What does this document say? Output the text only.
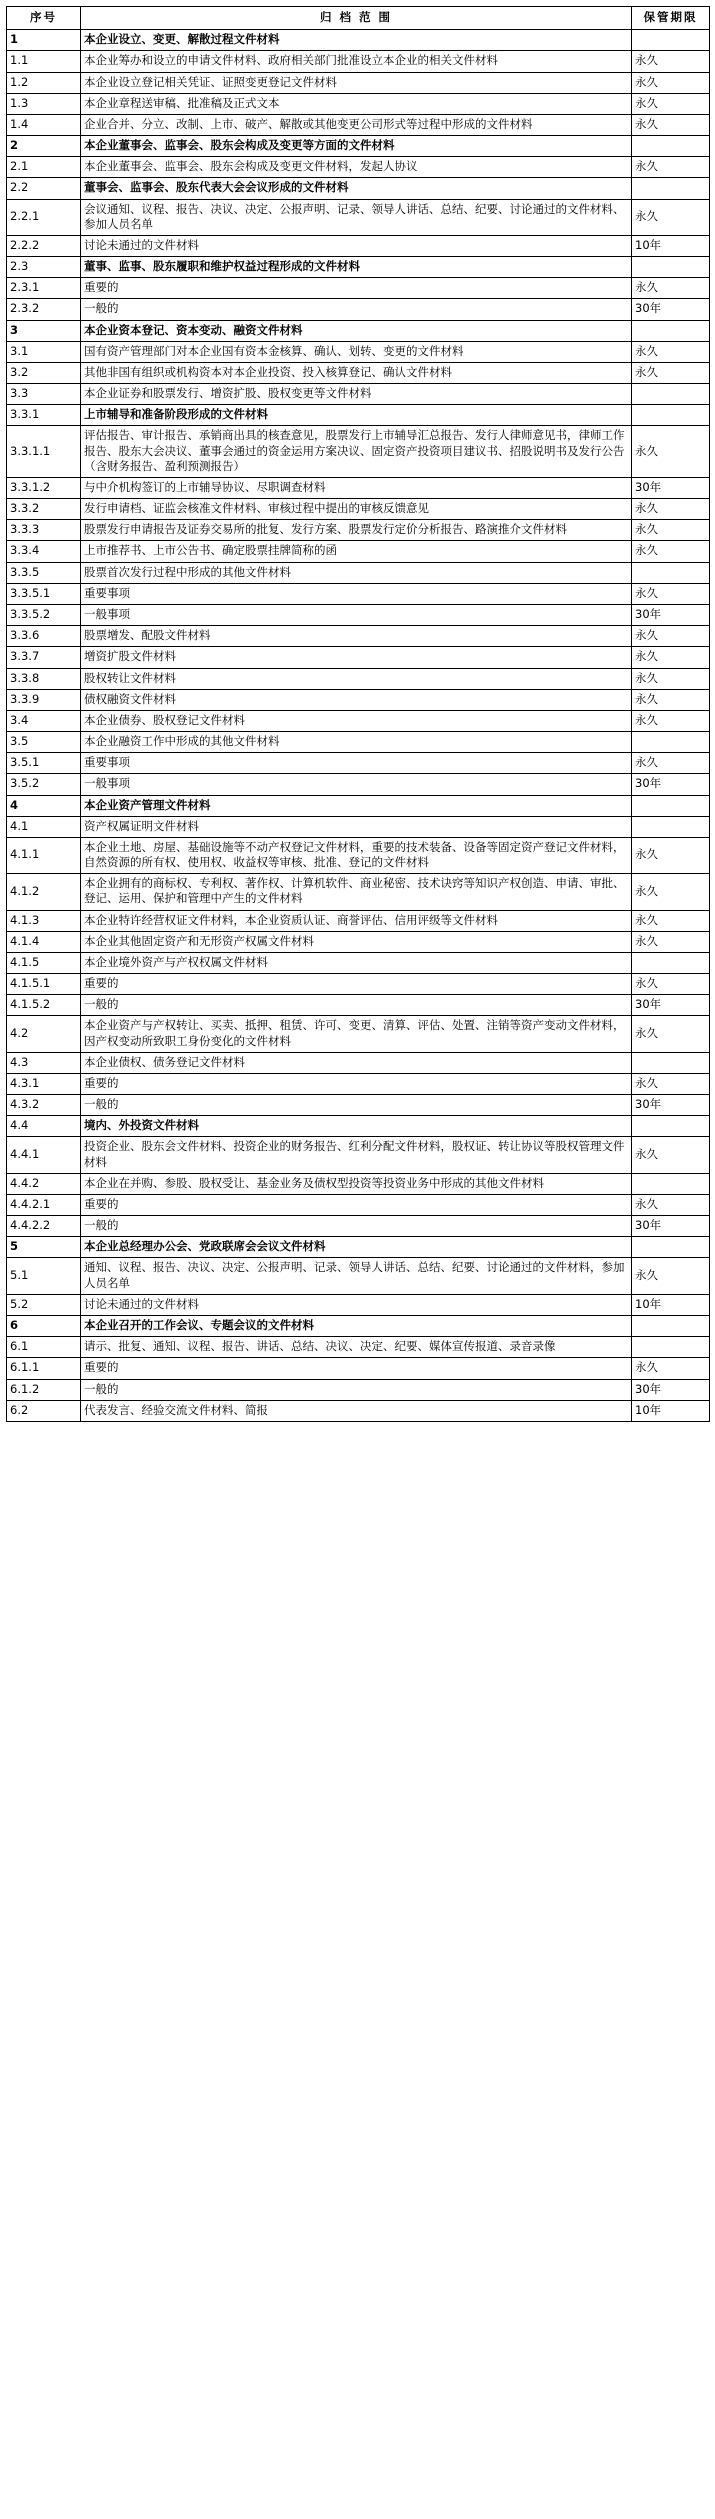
序号	归 档 范 围	保管期限
1	本企业设立、变更、解散过程文件材料	
1.1	本企业筹办和设立的申请文件材料、政府相关部门批准设立本企业的相关文件材料	永久
1.2	本企业设立登记相关凭证、证照变更登记文件材料	永久
1.3	本企业章程送审稿、批准稿及正式文本	永久
1.4	企业合并、分立、改制、上市、破产、解散或其他变更公司形式等过程中形成的文件材料	永久
2	本企业董事会、监事会、股东会构成及变更等方面的文件材料	
2.1	本企业董事会、监事会、股东会构成及变更文件材料，发起人协议	永久
2.2	董事会、监事会、股东代表大会会议形成的文件材料	
2.2.1	会议通知、议程、报告、决议、决定、公报声明、记录、领导人讲话、总结、纪要、讨论通过的文件材料、参加人员名单	永久
2.2.2	讨论未通过的文件材料	10年
2.3	董事、监事、股东履职和维护权益过程形成的文件材料	
2.3.1	重要的	永久
2.3.2	一般的	30年
3	本企业资本登记、资本变动、融资文件材料	
3.1	国有资产管理部门对本企业国有资本金核算、确认、划转、变更的文件材料	永久
3.2	其他非国有组织或机构资本对本企业投资、投入核算登记、确认文件材料	永久
3.3	本企业证券和股票发行、增资扩股、股权变更等文件材料	
3.3.1	上市辅导和准备阶段形成的文件材料	
3.3.1.1	评估报告、审计报告、承销商出具的核查意见，股票发行上市辅导汇总报告、发行人律师意见书，律师工作报告、股东大会决议、董事会通过的资金运用方案决议、固定资产投资项目建议书、招股说明书及发行公告（含财务报告、盈利预测报告）	永久
3.3.1.2	与中介机构签订的上市辅导协议、尽职调查材料	30年
3.3.2	发行申请档、证监会核准文件材料、审核过程中提出的审核反馈意见	永久
3.3.3	股票发行申请报告及证券交易所的批复、发行方案、股票发行定价分析报告、路演推介文件材料	永久
3.3.4	上市推荐书、上市公告书、确定股票挂牌简称的函	永久
3.3.5	股票首次发行过程中形成的其他文件材料	
3.3.5.1	重要事项	永久
3.3.5.2	一般事项	30年
3.3.6	股票增发、配股文件材料	永久
3.3.7	增资扩股文件材料	永久
3.3.8	股权转让文件材料	永久
3.3.9	债权融资文件材料	永久
3.4	本企业债券、股权登记文件材料	永久
3.5	本企业融资工作中形成的其他文件材料	
3.5.1	重要事项	永久
3.5.2	一般事项	30年
4	本企业资产管理文件材料	
4.1	资产权属证明文件材料	
4.1.1	本企业土地、房屋、基础设施等不动产权登记文件材料，重要的技术装备、设备等固定资产登记文件材料，自然资源的所有权、使用权、收益权等审核、批准、登记的文件材料	永久
4.1.2	本企业拥有的商标权、专利权、著作权、计算机软件、商业秘密、技术诀窍等知识产权创造、申请、审批、登记、运用、保护和管理中产生的文件材料	永久
4.1.3	本企业特许经营权证文件材料，本企业资质认证、商誉评估、信用评级等文件材料	永久
4.1.4	本企业其他固定资产和无形资产权属文件材料	永久
4.1.5	本企业境外资产与产权权属文件材料	
4.1.5.1	重要的	永久
4.1.5.2	一般的	30年
4.2	本企业资产与产权转让、买卖、抵押、租赁、许可、变更、清算、评估、处置、注销等资产变动文件材料，因产权变动所致职工身份变化的文件材料	永久
4.3	本企业债权、债务登记文件材料	
4.3.1	重要的	永久
4.3.2	一般的	30年
4.4	境内、外投资文件材料	
4.4.1	投资企业、股东会文件材料、投资企业的财务报告、红利分配文件材料，股权证、转让协议等股权管理文件材料	永久
4.4.2	本企业在并购、参股、股权受让、基金业务及债权型投资等投资业务中形成的其他文件材料	
4.4.2.1	重要的	永久
4.4.2.2	一般的	30年
5	本企业总经理办公会、党政联席会会议文件材料	
5.1	通知、议程、报告、决议、决定、公报声明、记录、领导人讲话、总结、纪要、讨论通过的文件材料，参加人员名单	永久
5.2	讨论未通过的文件材料	10年
6	本企业召开的工作会议、专题会议的文件材料	
6.1	请示、批复、通知、议程、报告、讲话、总结、决议、决定、纪要、媒体宣传报道、录音录像	
6.1.1	重要的	永久
6.1.2	一般的	30年
6.2	代表发言、经验交流文件材料、简报	10年
